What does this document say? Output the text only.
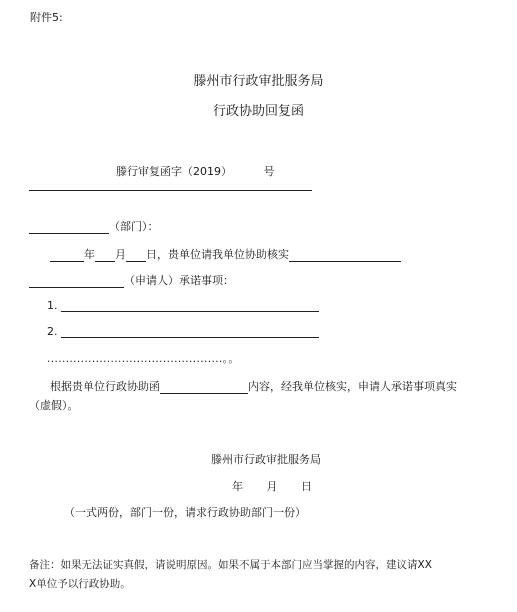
附件5:
滕州市行政审批服务局
行政协助回复函
滕行审复函字（2019）	号
（部门）：
年 月 日，贵单位请我单位协助核实
（申请人）承诺事项：
1.
2.
...............................................。。
根据贵单位行政协助函	内容，经我单位核实，申请人承诺事项真实
（虚假）。
滕州市行政审批服务局
年 月 日
（一式两份，部门一份，请求行政协助部门一份）
备注：如果无法证实真假，请说明原因。如果不属于本部门应当掌握的内容，建议请XX
X单位予以行政协助。
